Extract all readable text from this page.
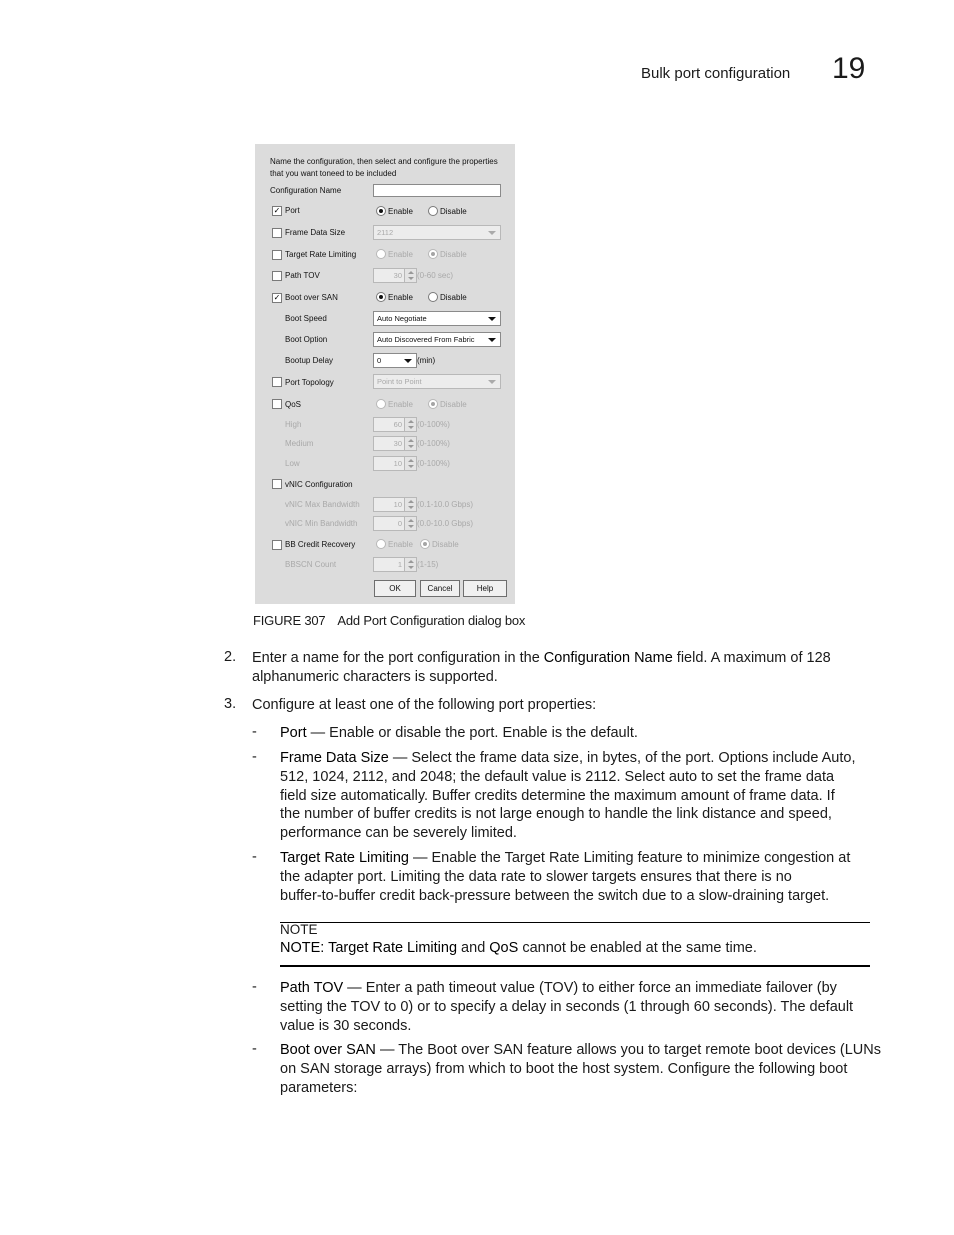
Bulk port configuration 19
Name the configuration, then select and configure the properties that you want toneed to be included
Configuration Name
✓ Port	Enable	Disable
Frame Data Size	2112
Target Rate Limiting	Enable	Disable
Path TOV	30 (0-60 sec)
✓ Boot over SAN	Enable	Disable
Boot Speed	Auto Negotiate
Boot Option	Auto Discovered From Fabric
Bootup Delay	0	(min)
Port Topology	Point to Point
QoS	Enable	Disable
High	60 (0-100%)
Medium	30 (0-100%)
Low	10 (0-100%)
vNIC Configuration
vNIC Max Bandwidth	10 (0.1-10.0 Gbps)
vNIC Min Bandwidth	0 (0.0-10.0 Gbps)
BB Credit Recovery	Enable Disable
BBSCN Count	1 (1-15)
OK	Cancel	Help
FIGURE 307 Add Port Configuration dialog box
2. Enter a name for the port configuration in the Configuration Name field. A maximum of 128
alphanumeric characters is supported.
3. Configure at least one of the following port properties:
- Port — Enable or disable the port. Enable is the default.
- Frame Data Size — Select the frame data size, in bytes, of the port. Options include Auto,
512, 1024, 2112, and 2048; the default value is 2112. Select auto to set the frame data
field size automatically. Buffer credits determine the maximum amount of frame data. If
the number of buffer credits is not large enough to handle the link distance and speed,
performance can be severely limited.
- Target Rate Limiting — Enable the Target Rate Limiting feature to minimize congestion at
the adapter port. Limiting the data rate to slower targets ensures that there is no
buffer-to-buffer credit back-pressure between the switch due to a slow-draining target.
NOTE
NOTE: Target Rate Limiting and QoS cannot be enabled at the same time.
- Path TOV — Enter a path timeout value (TOV) to either force an immediate failover (by
setting the TOV to 0) or to specify a delay in seconds (1 through 60 seconds). The default
value is 30 seconds.
- Boot over SAN — The Boot over SAN feature allows you to target remote boot devices (LUNs
on SAN storage arrays) from which to boot the host system. Configure the following boot
parameters:
